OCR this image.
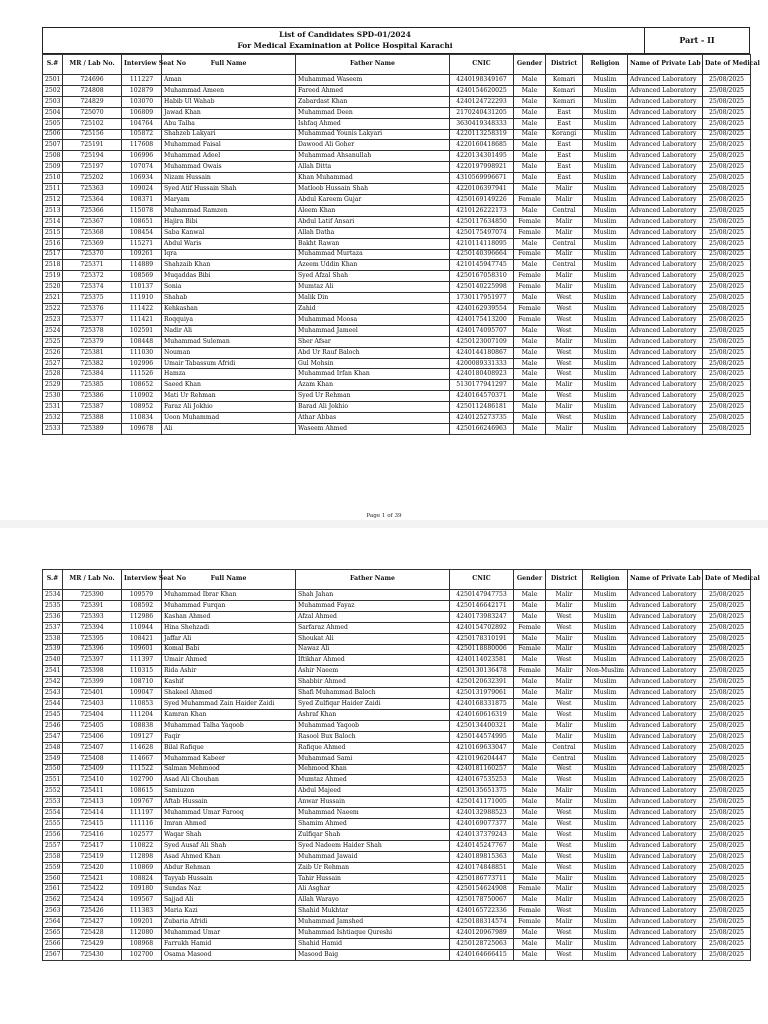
List of Candidates SPD-01/2024
For Medical Examination at Police Hospital Karachi	Part - II
S.#	MR / Lab No.	Interview Seat No	Full Name	Father Name	CNIC	Gender	District	Religion	Name of Private Lab	Date of Medical
2501	724696	111227	Aman	Muhammad Waseem	4240198349167	Male	Kemari	Muslim	Advanced Laboratory	25/08/2025
2502	724808	102879	Muhammad Ameen	Fareed Ahmed	4240154620025	Male	Kemari	Muslim	Advanced Laboratory	25/08/2025
2503	724829	103070	Habib Ul Wahab	Zabardast Khan	4240124722293	Male	Kemari	Muslim	Advanced Laboratory	25/08/2025
2504	725070	106809	Jawad Khan	Muhammad Deen	2170240431205	Male	East	Muslim	Advanced Laboratory	25/08/2025
2505	725102	104764	Abu Talha	Ishfaq Ahmed	3630419348333	Male	East	Muslim	Advanced Laboratory	25/08/2025
2506	725156	105872	Shahzeb Lakyari	Muhammad Younis Lakyari	4220113258319	Male	Korangi	Muslim	Advanced Laboratory	25/08/2025
2507	725191	117608	Muhammad Faisal	Dawood Ali Goher	4220160418685	Male	East	Muslim	Advanced Laboratory	25/08/2025
2508	725194	106996	Muhammad Adeel	Muhammad Ahsanullah	4220134301495	Male	East	Muslim	Advanced Laboratory	25/08/2025
2509	725197	107074	Muhammad Owais	Allah Ditta	4220197998921	Male	East	Muslim	Advanced Laboratory	25/08/2025
2510	725202	106934	Nizam Hussain	Khan Muhammad	4310569996671	Male	East	Muslim	Advanced Laboratory	25/08/2025
2511	725363	109024	Syed Atif Hussain Shah	Matloob Hussain Shah	4220106397941	Male	Malir	Muslim	Advanced Laboratory	25/08/2025
2512	725364	108371	Maryam	Abdul Kareem Gujar	4250169149226	Female	Malir	Muslim	Advanced Laboratory	25/08/2025
2513	725366	115078	Muhammad Ramzen	Aleem Khan	4210126222173	Male	Central	Muslim	Advanced Laboratory	25/08/2025
2514	725367	108651	Hajira Bibi	Abdul Latif Ansari	4250117634850	Female	Malir	Muslim	Advanced Laboratory	25/08/2025
2515	725368	108454	Saba Kanwal	Allah Datha	4250175497074	Female	Malir	Muslim	Advanced Laboratory	25/08/2025
2516	725369	115271	Abdul Waris	Bakht Rawan	4210114118095	Male	Central	Muslim	Advanced Laboratory	25/08/2025
2517	725370	109261	Iqra	Muhammad Murtaza	4250140396664	Female	Malir	Muslim	Advanced Laboratory	25/08/2025
2518	725371	114889	Shahzaib Khan	Azeem Uddin Khan	4210145947745	Male	Central	Muslim	Advanced Laboratory	25/08/2025
2519	725372	108569	Muqaddas Bibi	Syed Afzal Shah	4250167058310	Female	Malir	Muslim	Advanced Laboratory	25/08/2025
2520	725374	110137	Sonia	Mumtaz Ali	4250140225998	Female	Malir	Muslim	Advanced Laboratory	25/08/2025
2521	725375	111910	Shahab	Malik Din	1730117951977	Male	West	Muslim	Advanced Laboratory	25/08/2025
2522	725376	111422	Kehkashan	Zahid	4240162939554	Female	West	Muslim	Advanced Laboratory	25/08/2025
2523	725377	111421	Roqquiya	Muhammad Moosa	4240175413200	Female	West	Muslim	Advanced Laboratory	25/08/2025
2524	725378	102591	Nadir Ali	Muhammad Jameel	4240174095707	Male	West	Muslim	Advanced Laboratory	25/08/2025
2525	725379	108448	Muhammad Suleman	Sher Afsar	4250123007109	Male	Malir	Muslim	Advanced Laboratory	25/08/2025
2526	725381	111030	Nouman	Abd Ur Rauf Baloch	4240144180867	Male	West	Muslim	Advanced Laboratory	25/08/2025
2527	725382	102996	Umair Tabassum Afridi	Gul Mohsin	4200089331333	Male	West	Muslim	Advanced Laboratory	25/08/2025
2528	725384	111526	Hamza	Muhammad Irfan Khan	4240180408923	Male	West	Muslim	Advanced Laboratory	25/08/2025
2529	725385	108652	Saeed Khan	Azam Khan	5130177941297	Male	Malir	Muslim	Advanced Laboratory	25/08/2025
2530	725386	110902	Mati Ur Rehman	Syed Ur Rehman	4240164570371	Male	West	Muslim	Advanced Laboratory	25/08/2025
2531	725387	108952	Faraz Ali Jokhio	Barad Ali Jokhio	4250112486181	Male	Malir	Muslim	Advanced Laboratory	25/08/2025
2532	725388	110834	Uoon Muhammad	Athar Abbas	4240125273735	Male	West	Muslim	Advanced Laboratory	25/08/2025
2533	725389	109678	Ali	Waseem Ahmed	4250166246963	Male	Malir	Muslim	Advanced Laboratory	25/08/2025
Page 1 of 39
S.#	MR / Lab No.	Interview Seat No	Full Name	Father Name	CNIC	Gender	District	Religion	Name of Private Lab	Date of Medical
2534	725390	109579	Muhammad Ibrar Khan	Shah Jahan	4250147947753	Male	Malir	Muslim	Advanced Laboratory	25/08/2025
2535	725391	108592	Muhammad Furqan	Muhammad Fayaz	4250146642171	Male	Malir	Muslim	Advanced Laboratory	25/08/2025
2536	725393	112986	Kashan Ahmed	Afzal Ahmed	4240173983247	Male	West	Muslim	Advanced Laboratory	25/08/2025
2537	725394	110944	Hina Shehzadi	Sarfaraz Ahmed	4240154702892	Female	West	Muslim	Advanced Laboratory	25/08/2025
2538	725395	108421	Jaffar Ali	Shoukat Ali	4250178310191	Male	Malir	Muslim	Advanced Laboratory	25/08/2025
2539	725396	109601	Komal Babi	Nawaz Ali	4250118880006	Female	Malir	Muslim	Advanced Laboratory	25/08/2025
2540	725397	111397	Umair Ahmed	Iftikhar Ahmed	4240114023581	Male	West	Muslim	Advanced Laboratory	25/08/2025
2541	725398	110315	Rida Ashir	Ashir Naeem	4250130136478	Female	Malir	Non-Muslim	Advanced Laboratory	25/08/2025
2542	725399	108710	Kashif	Shabbir Ahmed	4250120632391	Male	Malir	Muslim	Advanced Laboratory	25/08/2025
2543	725401	109047	Shakeel Ahmed	Shafi Muhammad Baloch	4250131979061	Male	Malir	Muslim	Advanced Laboratory	25/08/2025
2544	725403	110853	Syed Muhammad Zain Haider Zaidi	Syed Zulfiqar Haider Zaidi	4240168331875	Male	West	Muslim	Advanced Laboratory	25/08/2025
2545	725404	111204	Kamran Khan	Ashraf Khan	4240160616319	Male	West	Muslim	Advanced Laboratory	25/08/2025
2546	725405	108838	Muhammad Talha Yaqoob	Muhammad Yaqoob	4250134400321	Male	Malir	Muslim	Advanced Laboratory	25/08/2025
2547	725406	109127	Faqir	Rasool Bux Baloch	4250144574995	Male	Malir	Muslim	Advanced Laboratory	25/08/2025
2548	725407	114628	Bilal Rafique	Rafique Ahmed	4210169633047	Male	Central	Muslim	Advanced Laboratory	25/08/2025
2549	725408	114667	Muhammad Kabeer	Muhammad Sami	4210196204447	Male	Central	Muslim	Advanced Laboratory	25/08/2025
2550	725409	111522	Salman Mehmood	Mehmood Khan	4240181160257	Male	West	Muslim	Advanced Laboratory	25/08/2025
2551	725410	102790	Asad Ali Chouhan	Mumtaz Ahmed	4240167535253	Male	West	Muslim	Advanced Laboratory	25/08/2025
2552	725411	108615	Samiuzon	Abdul Majeed	4250135651375	Male	Malir	Muslim	Advanced Laboratory	25/08/2025
2553	725413	109767	Aftab Hussain	Anwar Hussain	4250141171005	Male	Malir	Muslim	Advanced Laboratory	25/08/2025
2554	725414	111197	Muhammad Umar Farooq	Muhammad Naeem	4240132988523	Male	West	Muslim	Advanced Laboratory	25/08/2025
2555	725415	111116	Imran Ahmed	Shamim Ahmed	4240169077377	Male	West	Muslim	Advanced Laboratory	25/08/2025
2556	725416	102577	Waqar Shah	Zulfiqar Shah	4240137379243	Male	West	Muslim	Advanced Laboratory	25/08/2025
2557	725417	110822	Syed Ausaf Ali Shah	Syed Nadeem Haider Shah	4240145247767	Male	West	Muslim	Advanced Laboratory	25/08/2025
2558	725419	112898	Asad Ahmed Khan	Muhammad Jawaid	4240189815363	Male	West	Muslim	Advanced Laboratory	25/08/2025
2559	725420	110869	Abdur Rehman	Zaib Ur Rehman	4240174848851	Male	West	Muslim	Advanced Laboratory	25/08/2025
2560	725421	108824	Tayyab Hussain	Tahir Hussain	4250186773711	Male	Malir	Muslim	Advanced Laboratory	25/08/2025
2561	725422	109180	Sundas Naz	Ali Asghar	4250154624908	Female	Malir	Muslim	Advanced Laboratory	25/08/2025
2562	725424	109567	Sajjad Ali	Allah Warayo	4250178750067	Male	Malir	Muslim	Advanced Laboratory	25/08/2025
2563	725426	111383	Maria Kazi	Shahid Mukhtar	4240165722336	Female	West	Muslim	Advanced Laboratory	25/08/2025
2564	725427	109201	Zubaria Afridi	Muhammad Jamshed	4250188314574	Female	Malir	Muslim	Advanced Laboratory	25/08/2025
2565	725428	112080	Muhammad Umar	Muhammad Ishtiaque Qureshi	4240120967989	Male	West	Muslim	Advanced Laboratory	25/08/2025
2566	725429	108968	Farrukh Hamid	Shahid Hamid	4250128725063	Male	Malir	Muslim	Advanced Laboratory	25/08/2025
2567	725430	102700	Osama Masood	Masood Baig	4240164666415	Male	West	Muslim	Advanced Laboratory	25/08/2025
